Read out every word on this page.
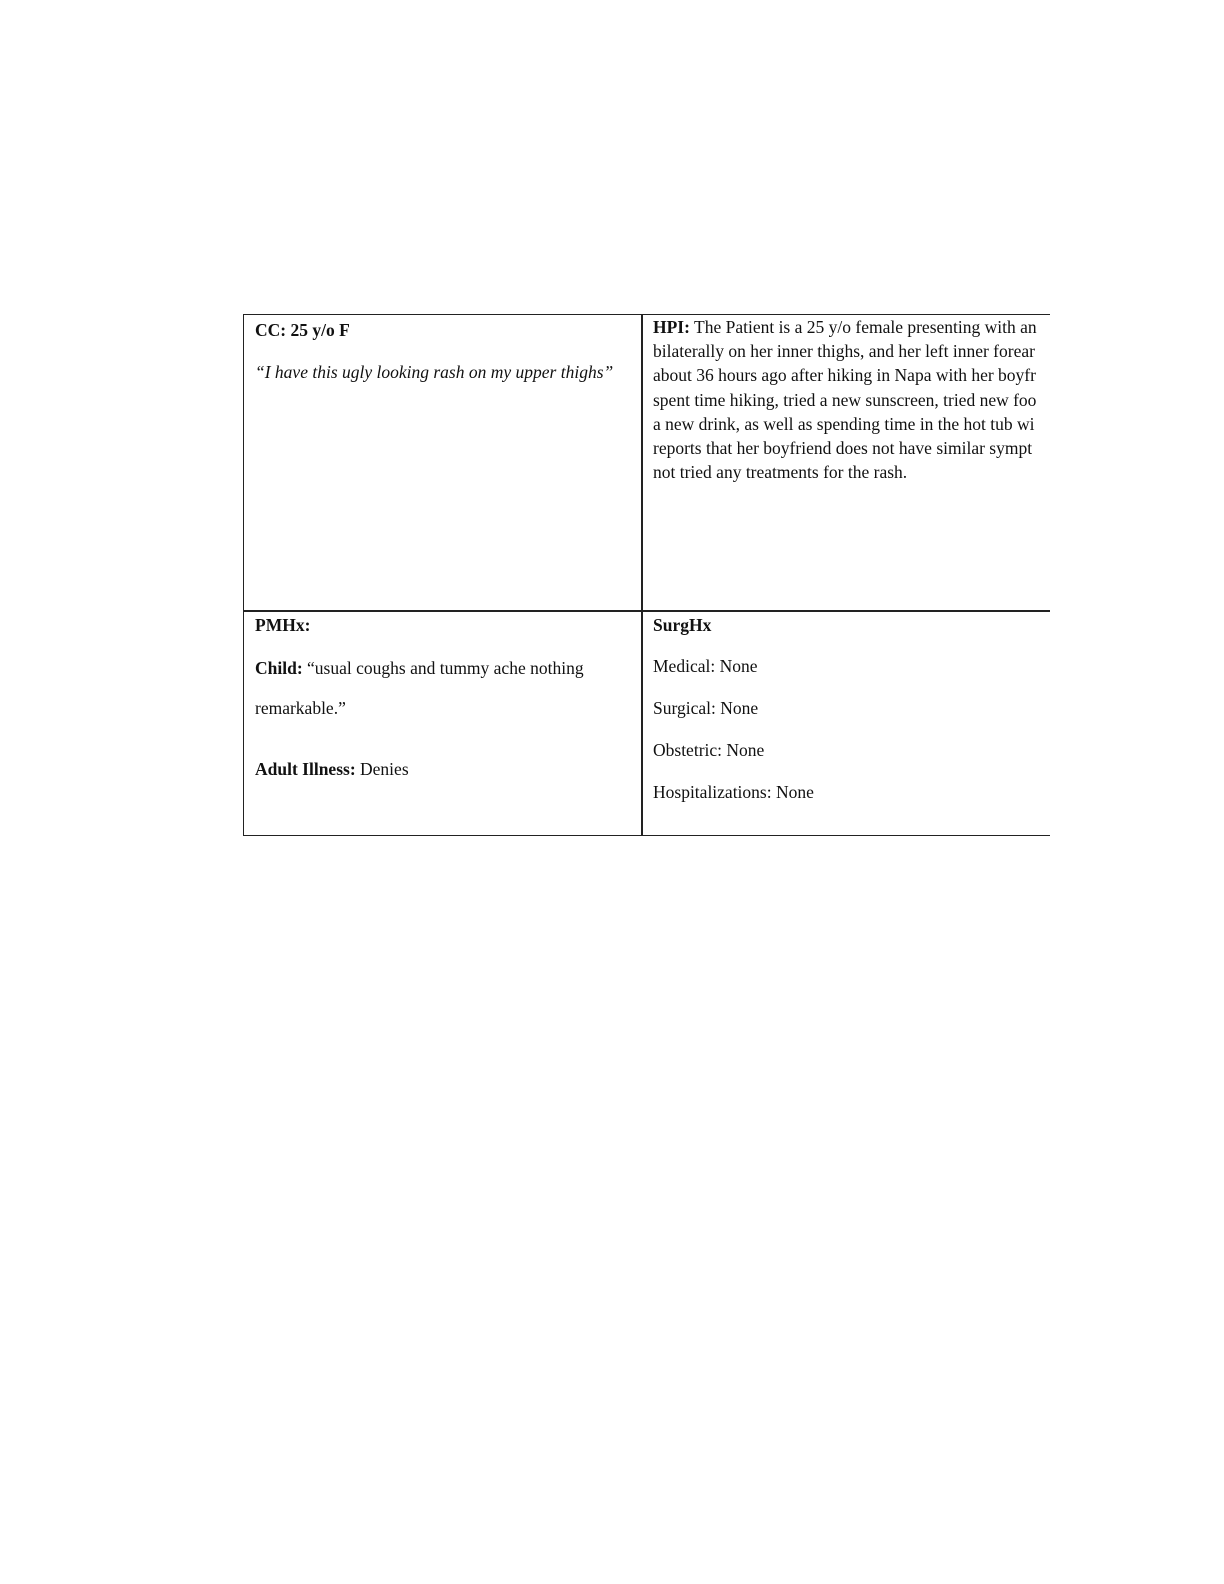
CC: 25 y/o F
“I have this ugly looking rash on my upper thighs”
HPI: The Patient is a 25 y/o female presenting with an
bilaterally on her inner thighs, and her left inner forear
about 36 hours ago after hiking in Napa with her boyfr
spent time hiking, tried a new sunscreen, tried new foo
a new drink, as well as spending time in the hot tub wi
reports that her boyfriend does not have similar sympt
not tried any treatments for the rash.
PMHx:
Child: “usual coughs and tummy ache nothing
remarkable.”
Adult Illness: Denies
SurgHx
Medical: None
Surgical: None
Obstetric: None
Hospitalizations: None
